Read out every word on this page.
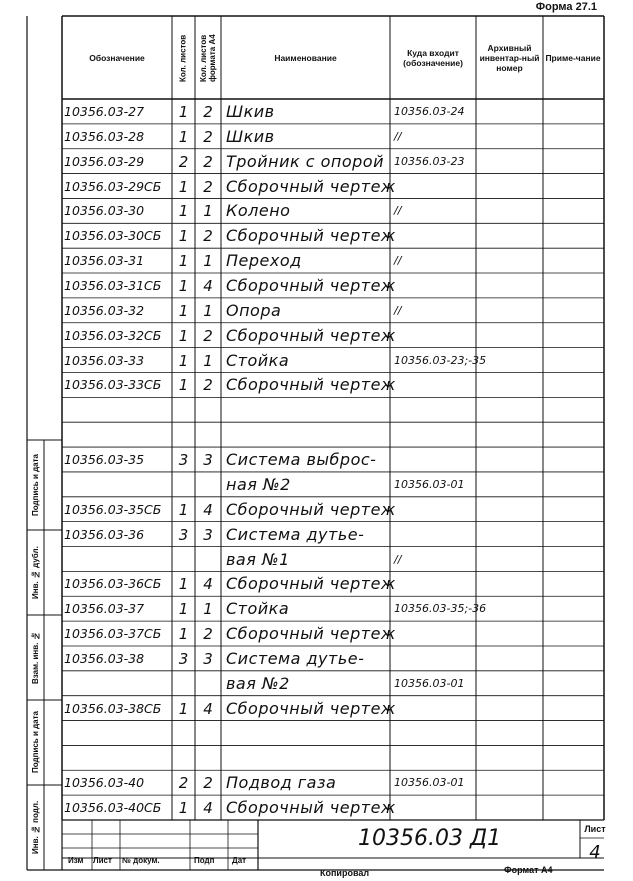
Форма 27.1
Обозначение	Кол. листов	Кол. листов формата А4	Наименование	Куда входит (обозначение)
Архивный инвентар-ный номер
Приме-чание
10356.03-27	1 2 Шкив	10356.03-24
10356.03-28	1 2 Шкив	//
10356.03-29	2 2 Тройник с опорой 10356.03-23
10356.03-29СБ	1 2 Сборочный чертеж
10356.03-30	1 1 Колено	//
10356.03-30СБ	1 2 Сборочный чертеж
10356.03-31	1 1 Переход	//
10356.03-31СБ	1 4 Сборочный чертеж
10356.03-32	1 1 Опора	//
10356.03-32СБ	1 2 Сборочный чертеж
10356.03-33	1 1 Стойка	10356.03-23;-35
10356.03-33СБ	1 2 Сборочный чертеж
10356.03-35	3 3 Система выброс-
ная №2	10356.03-01
10356.03-35СБ	1 4 Сборочный чертеж
10356.03-36	3 3 Система дутье-
вая №1	//
10356.03-36СБ	1 4 Сборочный чертеж
10356.03-37	1 1 Стойка	10356.03-35;-36
10356.03-37СБ	1 2 Сборочный чертеж
10356.03-38	3 3 Система дутье-
вая №2	10356.03-01
10356.03-38СБ	1 4 Сборочный чертеж
10356.03-40	2 2 Подвод газа	10356.03-01
10356.03-40СБ	1 4 Сборочный чертеж
Подпись и дата
Инв. № дубл.
Взам. инв. №
Подпись и дата
Инв. № подл.	10356.03 Д1	Лист
4
Изм	Лист	№ докум.	Подп	Дат
Копировал	Формат А4
